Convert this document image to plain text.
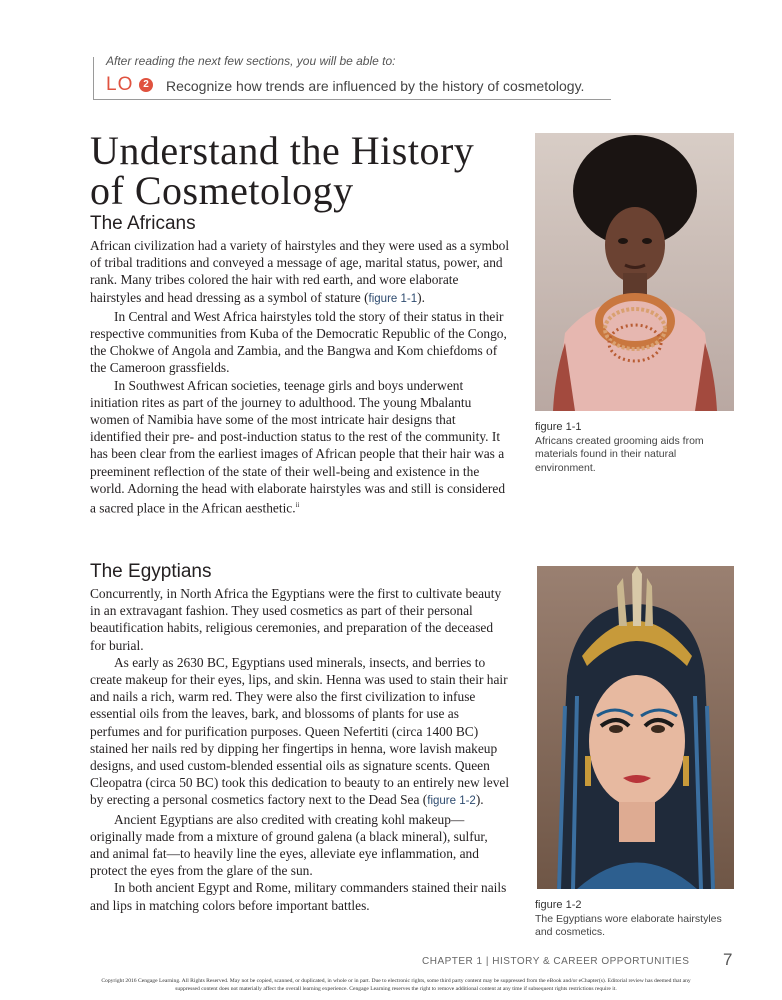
After reading the next few sections, you will be able to:
LO 2	Recognize how trends are influenced by the history of cosmetology.
Understand the History
of Cosmetology
The Africans

African civilization had a variety of hairstyles and they were used as a symbol of tribal traditions and conveyed a message of age, marital status, power, and rank. Many tribes colored the hair with red earth, and wore elaborate hairstyles and head dressing as a symbol of stature (figure 1-1).

In Central and West Africa hairstyles told the story of their status in their respective communities from Kuba of the Democratic Republic of the Congo, the Chokwe of Angola and Zambia, and the Bangwa and Kom chiefdoms of the Cameroon grassfields.

In Southwest African societies, teenage girls and boys underwent initiation rites as part of the journey to adulthood. The young Mbalantu women of Namibia have some of the most intricate hair designs that identified their pre- and post-induction status to the rest of the community. It has been clear from the earliest images of African people that their hair was a preeminent reflection of the state of their well-being and existence in the world. Adorning the head with elaborate hairstyles was and still is considered a sacred place in the African aesthetic.$^{ii}$

The Egyptians

Concurrently, in North Africa the Egyptians were the first to cultivate beauty in an extravagant fashion. They used cosmetics as part of their personal beautification habits, religious ceremonies, and preparation of the deceased for burial.

As early as 2630 BC, Egyptians used minerals, insects, and berries to create makeup for their eyes, lips, and skin. Henna was used to stain their hair and nails a rich, warm red. They were also the first civilization to infuse essential oils from the leaves, bark, and blossoms of plants for use as perfumes and for purification purposes. Queen Nefertiti (circa 1400 BC) stained her nails red by dipping her fingertips in henna, wore lavish makeup designs, and used custom-blended essential oils as signature scents. Queen Cleopatra (circa 50 BC) took this dedication to beauty to an entirely new level by erecting a personal cosmetics factory next to the Dead Sea (figure 1-2).

Ancient Egyptians are also credited with creating kohl makeup—originally made from a mixture of ground galena (a black mineral), sulfur, and animal fat—to heavily line the eyes, alleviate eye inflammation, and protect the eyes from the glare of the sun.

In both ancient Egypt and Rome, military commanders stained their nails and lips in matching colors before important battles.

figure 1-1
Africans created grooming aids from materials found in their natural environment.
figure 1-2
The Egyptians wore elaborate hairstyles and cosmetics.
CHAPTER 1 | HISTORY & CAREER OPPORTUNITIES 7
Copyright 2016 Cengage Learning. All Rights Reserved. May not be copied, scanned, or duplicated, in whole or in part. Due to electronic rights, some third party content may be suppressed from the eBook and/or eChapter(s). Editorial review has deemed that any suppressed content does not materially affect the overall learning experience. Cengage Learning reserves the right to remove additional content at any time if subsequent rights restrictions require it.
